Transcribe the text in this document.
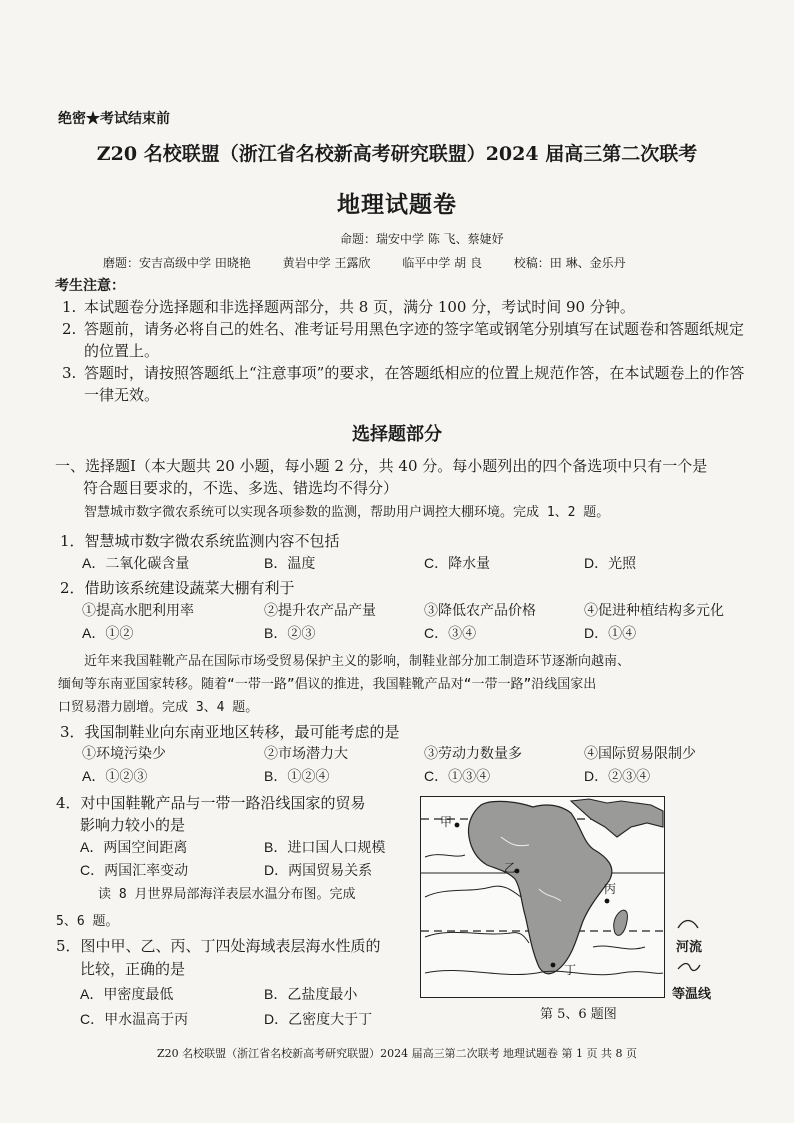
绝密★考试结束前
Z20 名校联盟（浙江省名校新高考研究联盟）2024 届高三第二次联考
地理试题卷
命题：瑞安中学 陈 飞、蔡婕妤
磨题：安吉高级中学 田晓艳	黄岩中学 王露欣	临平中学 胡 良	校稿：田 琳、金乐丹
考生注意：
1. 本试题卷分选择题和非选择题两部分，共 8 页，满分 100 分，考试时间 90 分钟。
2. 答题前，请务必将自己的姓名、准考证号用黑色字迹的签字笔或钢笔分别填写在试题卷和答题纸规定的位置上。
3. 答题时，请按照答题纸上“注意事项”的要求，在答题纸相应的位置上规范作答，在本试题卷上的作答一律无效。
选择题部分
一、选择题Ⅰ（本大题共 20 小题，每小题 2 分，共 40 分。每小题列出的四个备选项中只有一个是
符合题目要求的，不选、多选、错选均不得分）
智慧城市数字微农系统可以实现各项参数的监测，帮助用户调控大棚环境。完成 1、2 题。
1．智慧城市数字微农系统监测内容不包括
A．二氧化碳含量	B．温度	C．降水量	D．光照
2．借助该系统建设蔬菜大棚有利于
①提高水肥利用率	②提升农产品产量	③降低农产品价格	④促进种植结构多元化
A．①②	B．②③	C．③④	D．①④
近年来我国鞋靴产品在国际市场受贸易保护主义的影响，制鞋业部分加工制造环节逐渐向越南、
缅甸等东南亚国家转移。随着“一带一路”倡议的推进，我国鞋靴产品对“一带一路”沿线国家出
口贸易潜力剧增。完成 3、4 题。
3．我国制鞋业向东南亚地区转移，最可能考虑的是
①环境污染少	②市场潜力大	③劳动力数量多	④国际贸易限制少
A．①②③	B．①②④	C．①③④	D．②③④
4．对中国鞋靴产品与一带一路沿线国家的贸易
影响力较小的是
A．两国空间距离	B．进口国人口规模
C．两国汇率变动	D．两国贸易关系
读 8 月世界局部海洋表层水温分布图。完成
5、6 题。
5．图中甲、乙、丙、丁四处海域表层海水性质的
比较，正确的是
A．甲密度最低	B．乙盐度最小
C．甲水温高于丙	D．乙密度大于丁
甲
乙
丙
丁
河流
等温线
第 5、6 题图
Z20 名校联盟（浙江省名校新高考研究联盟）2024 届高三第二次联考 地理试题卷 第 1 页 共 8 页
